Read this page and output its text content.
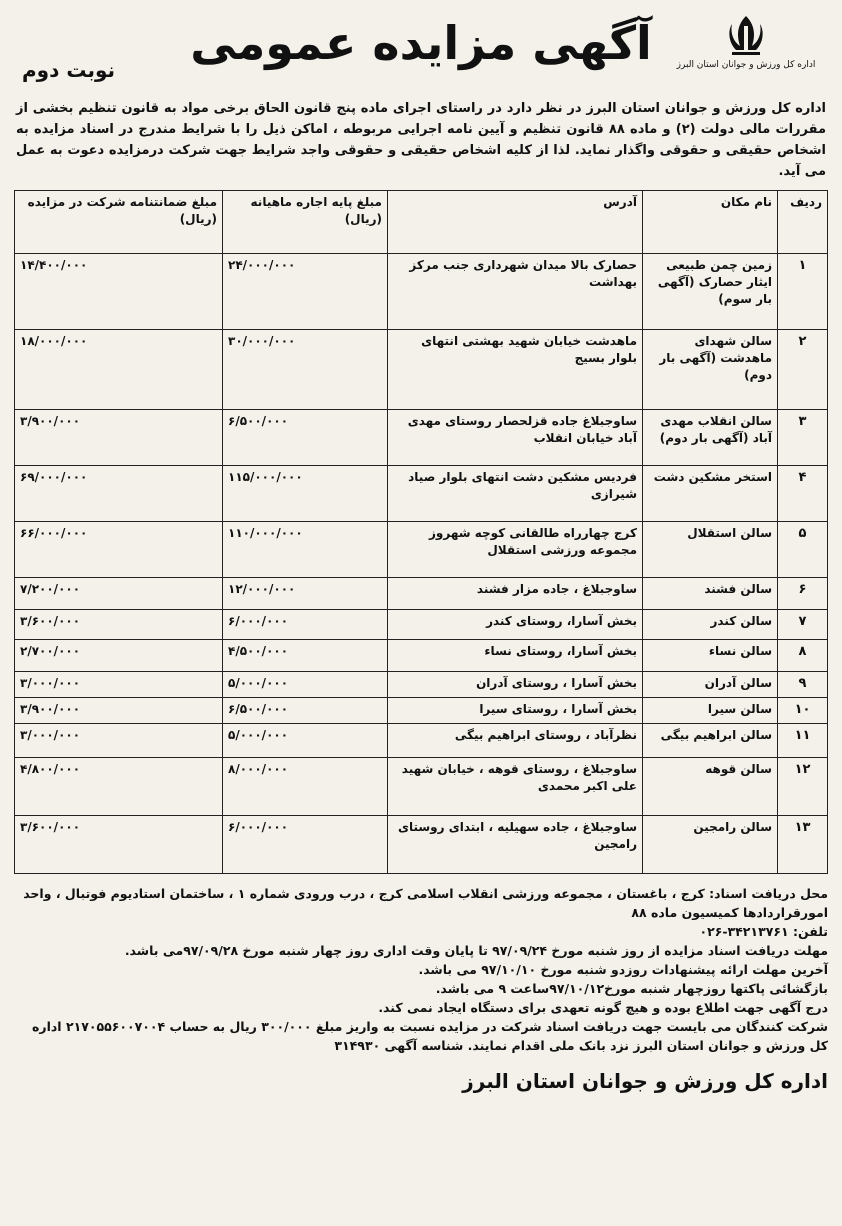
اداره کل ورزش و جوانان استان البرز
آگهی مزایده عمومی
نوبت دوم

اداره کل ورزش و جوانان استان البرز در نظر دارد در راستای اجرای ماده پنج قانون الحاق برخی مواد به قانون تنظیم بخشی از مقررات مالی دولت (۲) و ماده ۸۸ قانون تنظیم و آیین نامه اجرایی مربوطه ، اماکن ذیل را با شرایط مندرج در اسناد مزایده به اشخاص حقیقی و حقوقی واگذار نماید. لذا از کلیه اشخاص حقیقی و حقوقی واجد شرایط جهت شرکت درمزایده دعوت به عمل می آید.

ردیف	نام مکان	آدرس	مبلغ پایه اجاره ماهیانه (ریال)	مبلغ ضمانتنامه شرکت در مزایده (ریال)
۱	زمین چمن طبیعی ایثار حصارک (آگهی بار سوم)	حصارک بالا میدان شهرداری جنب مرکز بهداشت	۲۴/۰۰۰/۰۰۰	۱۴/۴۰۰/۰۰۰
۲	سالن شهدای ماهدشت (آگهی بار دوم)	ماهدشت خیابان شهید بهشتی انتهای بلوار بسیج	۳۰/۰۰۰/۰۰۰	۱۸/۰۰۰/۰۰۰
۳	سالن انقلاب مهدی آباد (آگهی بار دوم)	ساوجبلاغ جاده قزلحصار روستای مهدی آباد خیابان انقلاب	۶/۵۰۰/۰۰۰	۳/۹۰۰/۰۰۰
۴	استخر مشکین دشت	فردیس مشکین دشت انتهای بلوار صیاد شیرازی	۱۱۵/۰۰۰/۰۰۰	۶۹/۰۰۰/۰۰۰
۵	سالن استقلال	کرج چهارراه طالقانی کوچه شهروز مجموعه ورزشی استقلال	۱۱۰/۰۰۰/۰۰۰	۶۶/۰۰۰/۰۰۰
۶	سالن فشند	ساوجبلاغ ، جاده مزار فشند	۱۲/۰۰۰/۰۰۰	۷/۲۰۰/۰۰۰
۷	سالن کندر	بخش آسارا، روستای کندر	۶/۰۰۰/۰۰۰	۳/۶۰۰/۰۰۰
۸	سالن نساء	بخش آسارا، روستای نساء	۴/۵۰۰/۰۰۰	۲/۷۰۰/۰۰۰
۹	سالن آدران	بخش آسارا ، روستای آدران	۵/۰۰۰/۰۰۰	۳/۰۰۰/۰۰۰
۱۰	سالن سیرا	بخش آسارا ، روستای سیرا	۶/۵۰۰/۰۰۰	۳/۹۰۰/۰۰۰
۱۱	سالن ابراهیم بیگی	نظرآباد ، روستای ابراهیم بیگی	۵/۰۰۰/۰۰۰	۳/۰۰۰/۰۰۰
۱۲	سالن قوهه	ساوجبلاغ ، روستای قوهه ، خیابان شهید علی اکبر محمدی	۸/۰۰۰/۰۰۰	۴/۸۰۰/۰۰۰
۱۳	سالن رامجین	ساوجبلاغ ، جاده سهیلیه ، ابتدای روستای رامجین	۶/۰۰۰/۰۰۰	۳/۶۰۰/۰۰۰

محل دریافت اسناد: کرج ، باغستان ، مجموعه ورزشی انقلاب اسلامی کرج ، درب ورودی شماره ۱ ، ساختمان استادیوم فوتبال ، واحد امورقراردادها کمیسیون ماده ۸۸

تلفن: ۳۴۲۱۳۷۶۱-۰۲۶

مهلت دریافت اسناد مزایده از روز شنبه مورخ ۹۷/۰۹/۲۴ تا پایان وقت اداری روز چهار شنبه مورخ ۹۷/۰۹/۲۸می باشد.

آخرین مهلت ارائه پیشنهادات روزدو شنبه مورخ ۹۷/۱۰/۱۰ می باشد.

بازگشائی پاکتها روزچهار شنبه مورخ۹۷/۱۰/۱۲ساعت ۹ می باشد.

درج آگهی جهت اطلاع بوده و هیچ گونه تعهدی برای دستگاه ایجاد نمی کند.

شرکت کنندگان می بایست جهت دریافت اسناد شرکت در مزایده نسبت به واریز مبلغ ۳۰۰/۰۰۰ ریال به حساب ۲۱۷۰۵۵۶۰۰۷۰۰۴ اداره کل ورزش و جوانان استان البرز نزد بانک ملی اقدام نمایند. شناسه آگهی ۳۱۴۹۳۰

اداره کل ورزش و جوانان استان البرز
